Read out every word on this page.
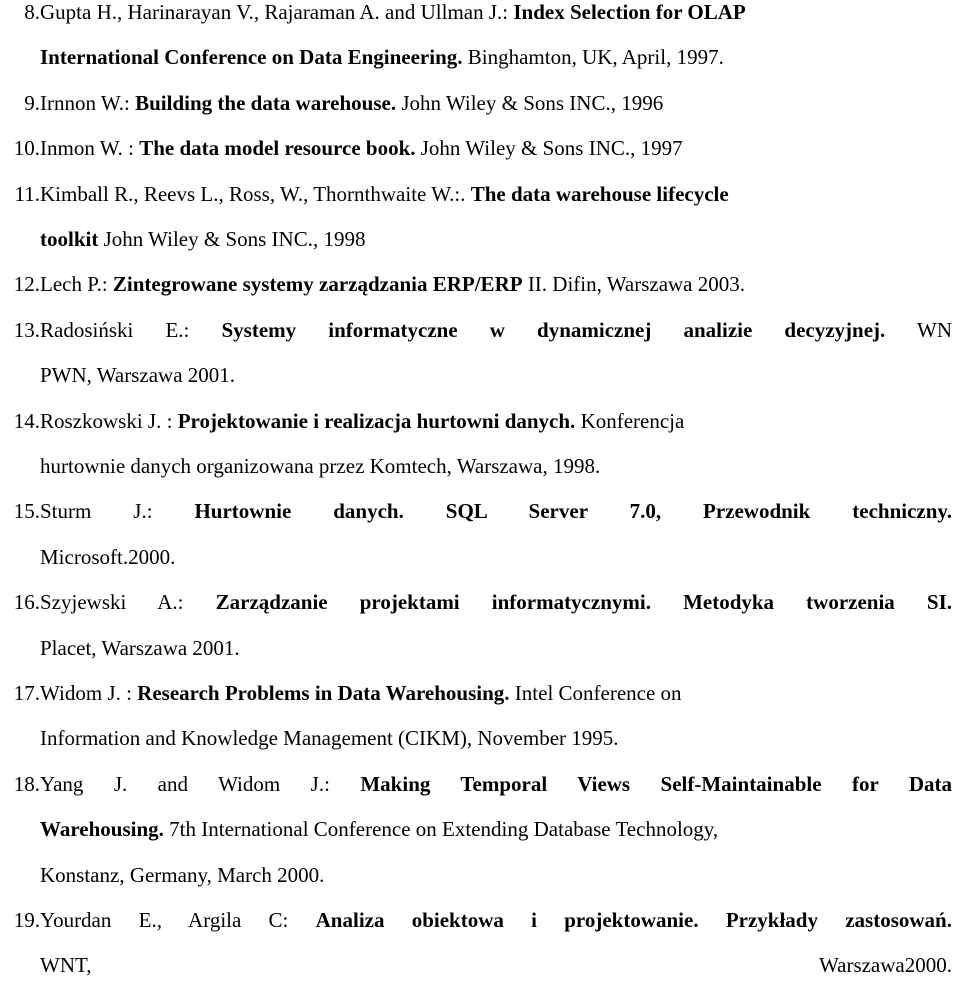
8. Gupta H., Harinarayan V., Rajaraman A. and Ullman J.: Index Selection for OLAP
International Conference on Data Engineering. Binghamton, UK, April, 1997.
9. Irnnon W.: Building the data warehouse. John Wiley & Sons INC., 1996
10. Inmon W. : The data model resource book. John Wiley & Sons INC., 1997
11. Kimball R., Reevs L., Ross, W., Thornthwaite W.:. The data warehouse lifecycle
toolkit John Wiley & Sons INC., 1998
12. Lech P.: Zintegrowane systemy zarządzania ERP/ERP II. Difin, Warszawa 2003.
13. Radosiński E.: Systemy informatyczne w dynamicznej analizie decyzyjnej. WN
PWN, Warszawa 2001.
14. Roszkowski J. : Projektowanie i realizacja hurtowni danych. Konferencja
hurtownie danych organizowana przez Komtech, Warszawa, 1998.
15. Sturm J.: Hurtownie danych. SQL Server 7.0, Przewodnik techniczny.
Microsoft.2000.
16. Szyjewski A.: Zarządzanie projektami informatycznymi. Metodyka tworzenia SI.
Placet, Warszawa 2001.
17. Widom J. : Research Problems in Data Warehousing. Intel Conference on
Information and Knowledge Management (CIKM), November 1995.
18. Yang J. and Widom J.: Making Temporal Views Self-Maintainable for Data
Warehousing. 7th International Conference on Extending Database Technology,
Konstanz, Germany, March 2000.
19. Yourdan E., Argila C: Analiza obiektowa i projektowanie. Przykłady zastosowań.
WNT, Warszawa2000.
